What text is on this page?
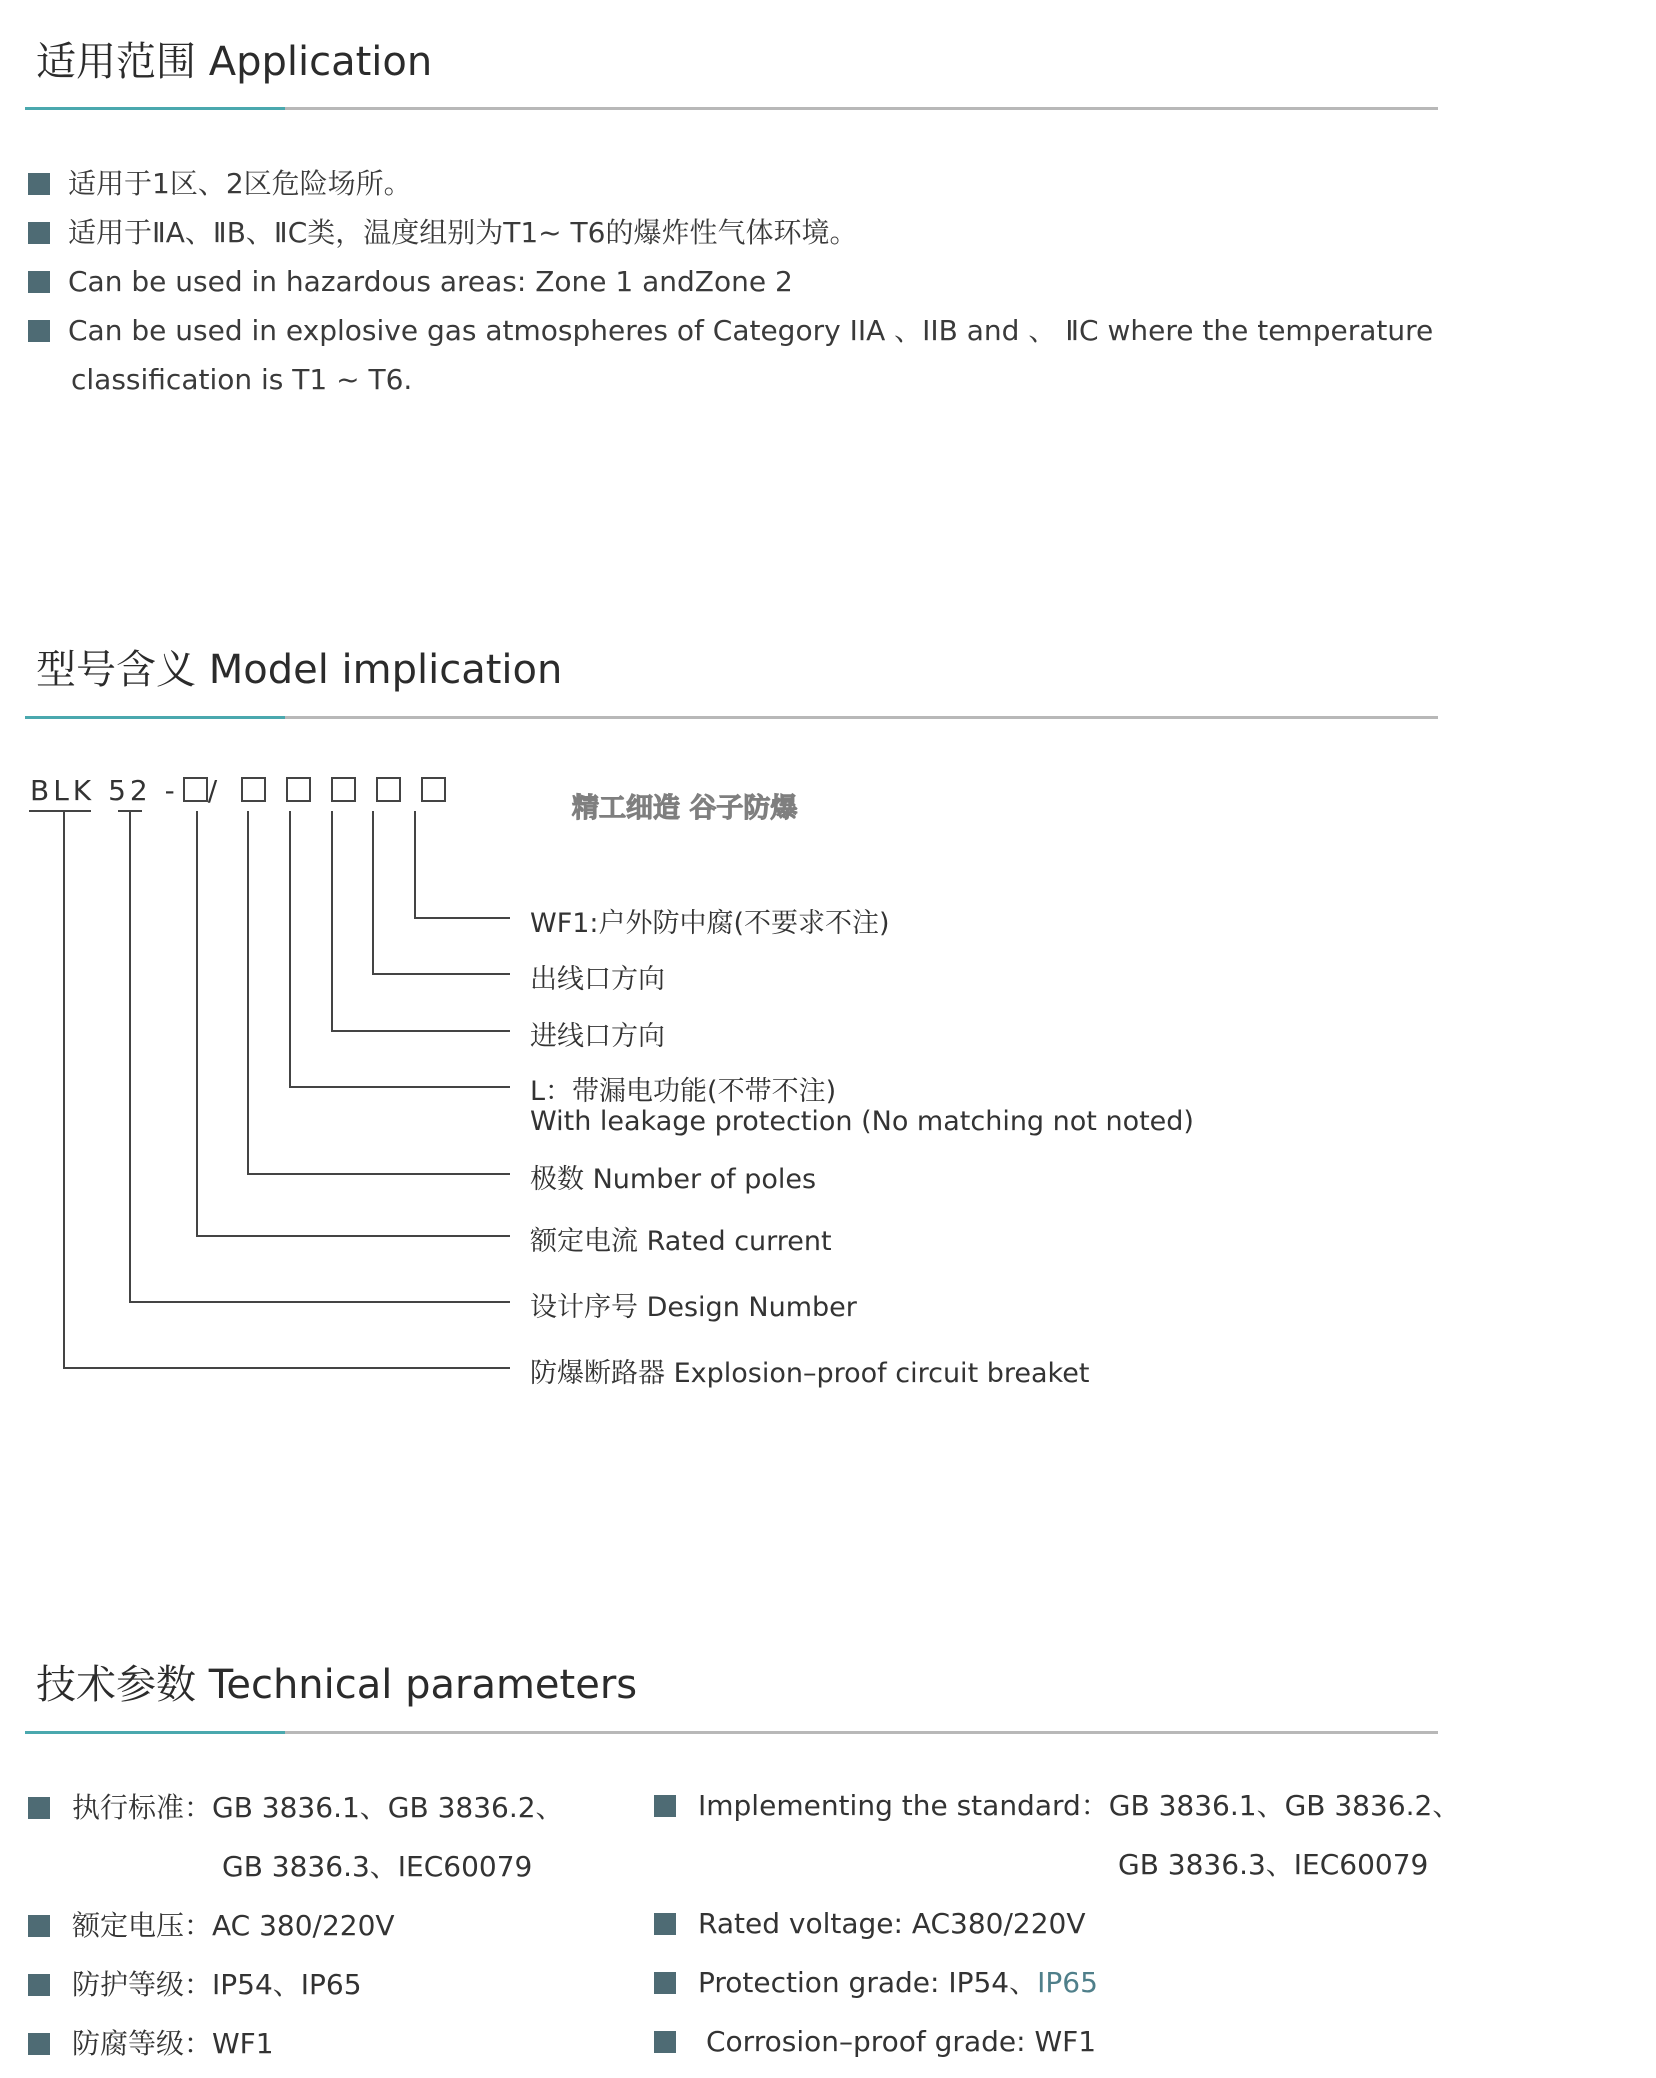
适用范围 Application
适用于1区、2区危险场所。
适用于ⅡA、ⅡB、ⅡC类，温度组别为T1~ T6的爆炸性气体环境。
Can be used in hazardous areas: Zone 1 andZone 2
Can be used in explosive gas atmospheres of Category IIA 、IIB and 、 ⅡC where the temperature
classification is T1 ~ T6.
型号含义 Model implication
BLK 52 - /
精工细造 谷子防爆
WF1:户外防中腐(不要求不注)
出线口方向
进线口方向
L：带漏电功能(不带不注)
With leakage protection (No matching not noted)
极数 Number of poles
额定电流 Rated current
设计序号 Design Number
防爆断路器 Explosion–proof circuit breaket
技术参数 Technical parameters
执行标准：GB 3836.1、GB 3836.2、
GB 3836.3、IEC60079
额定电压：AC 380/220V
防护等级：IP54、IP65
防腐等级：WF1
Implementing the standard：GB 3836.1、GB 3836.2、
GB 3836.3、IEC60079
Rated voltage: AC380/220V
Protection grade: IP54、IP65
Corrosion–proof grade: WF1
